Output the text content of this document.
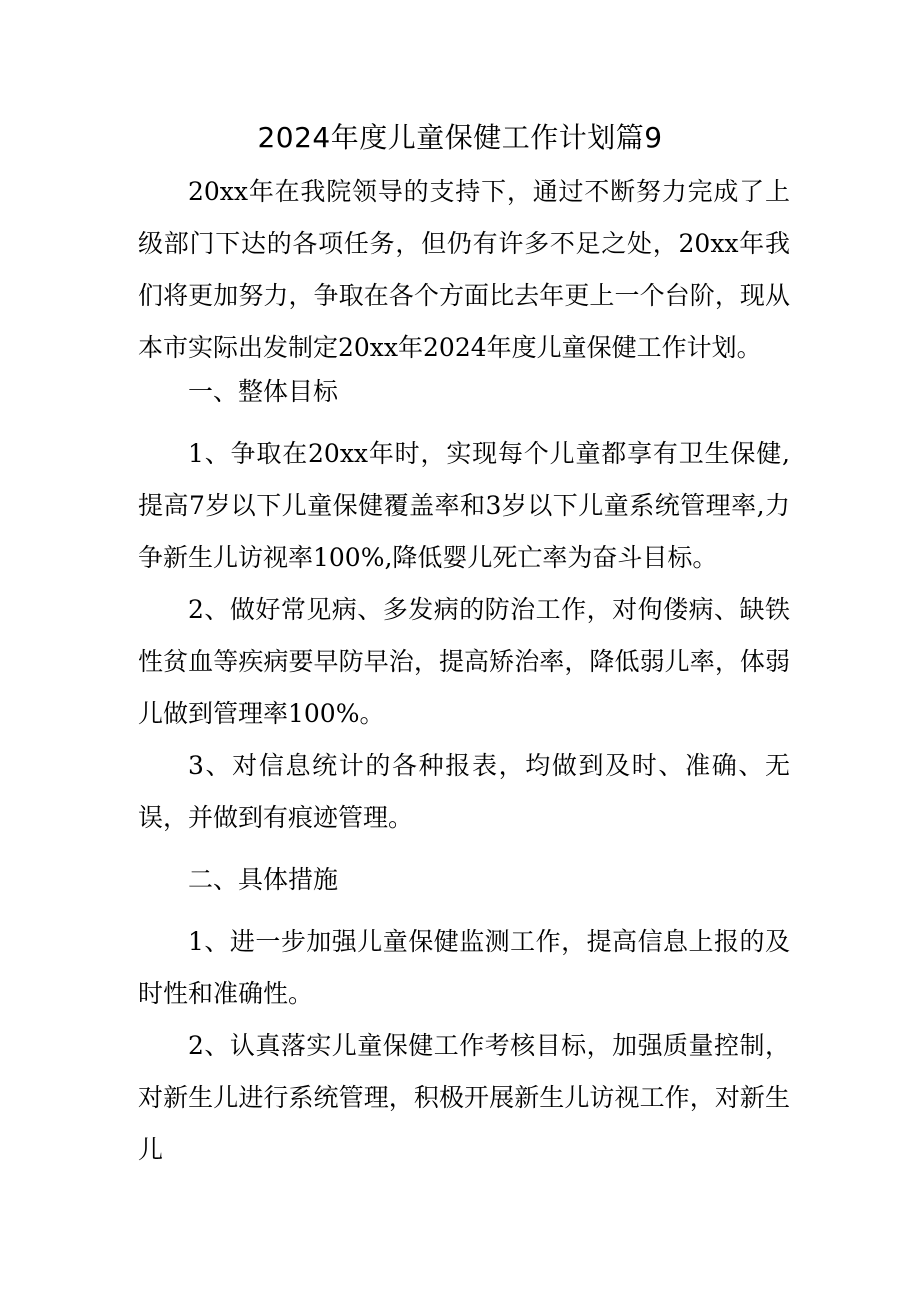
2024年度儿童保健工作计划篇9

20xx年在我院领导的支持下，通过不断努力完成了上级部门下达的各项任务，但仍有许多不足之处，20xx年我们将更加努力，争取在各个方面比去年更上一个台阶，现从本市实际出发制定20xx年2024年度儿童保健工作计划。

一、整体目标

1、争取在20xx年时，实现每个儿童都享有卫生保健,提高7岁以下儿童保健覆盖率和3岁以下儿童系统管理率,力争新生儿访视率100%,降低婴儿死亡率为奋斗目标。

2、做好常见病、多发病的防治工作，对佝偻病、缺铁性贫血等疾病要早防早治，提高矫治率，降低弱儿率，体弱儿做到管理率100%。

3、对信息统计的各种报表，均做到及时、准确、无误，并做到有痕迹管理。

二、具体措施

1、进一步加强儿童保健监测工作，提高信息上报的及时性和准确性。

2、认真落实儿童保健工作考核目标，加强质量控制，对新生儿进行系统管理，积极开展新生儿访视工作，对新生儿
